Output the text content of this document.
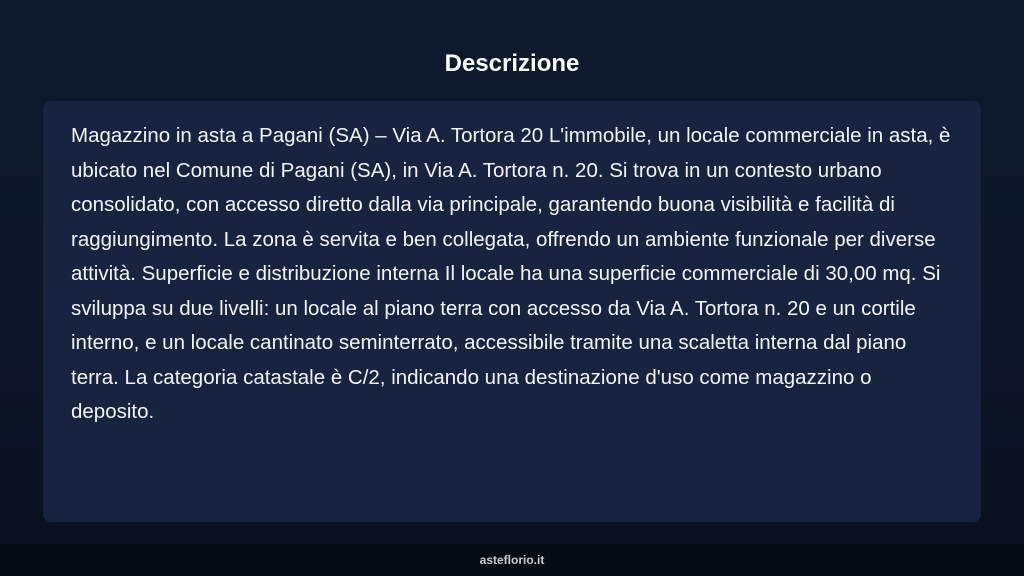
Descrizione

Magazzino in asta a Pagani (SA) – Via A. Tortora 20 L'immobile, un locale commerciale in asta, è ubicato nel Comune di Pagani (SA), in Via A. Tortora n. 20. Si trova in un contesto urbano consolidato, con accesso diretto dalla via principale, garantendo buona visibilità e facilità di raggiungimento. La zona è servita e ben collegata, offrendo un ambiente funzionale per diverse attività. Superficie e distribuzione interna Il locale ha una superficie commerciale di 30,00 mq. Si sviluppa su due livelli: un locale al piano terra con accesso da Via A. Tortora n. 20 e un cortile interno, e un locale cantinato seminterrato, accessibile tramite una scaletta interna dal piano terra. La categoria catastale è C/2, indicando una destinazione d'uso come magazzino o deposito.

asteflorio.it
